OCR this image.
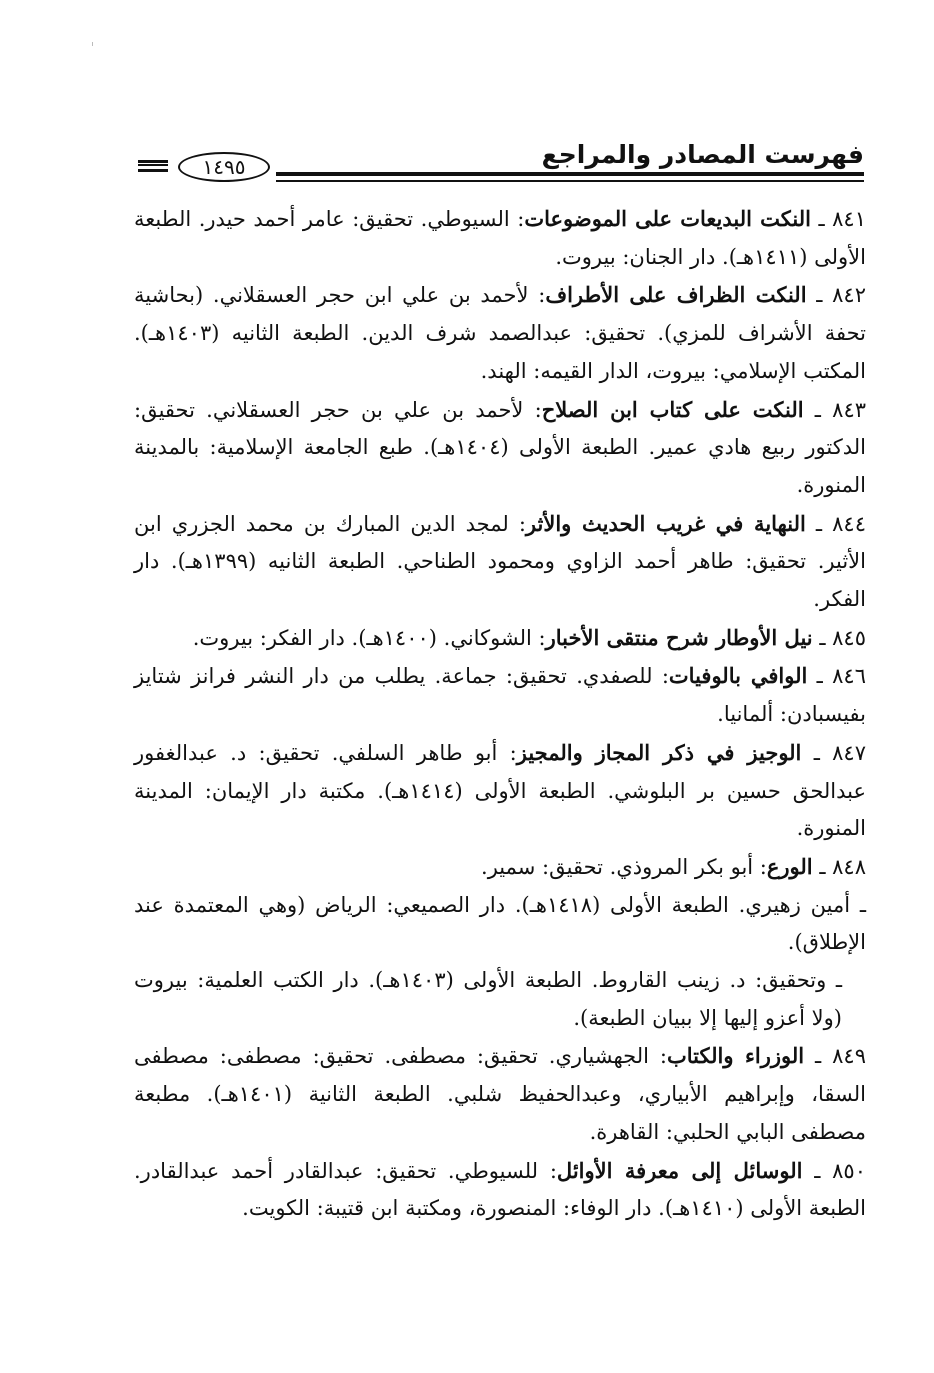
فهرست المصادر والمراجع
١٤٩٥

٨٤١ ـ النكت البديعات على الموضوعات: السيوطي. تحقيق: عامر أحمد حيدر. الطبعة الأولى (١٤١١هـ). دار الجنان: بيروت.

٨٤٢ ـ النكت الظراف على الأطراف: لأحمد بن علي ابن حجر العسقلاني. (بحاشية تحفة الأشراف للمزي). تحقيق: عبدالصمد شرف الدين. الطبعة الثانيه (١٤٠٣هـ). المكتب الإسلامي: بيروت، الدار القيمه: الهند.

٨٤٣ ـ النكت على كتاب ابن الصلاح: لأحمد بن علي بن حجر العسقلاني. تحقيق: الدكتور ربيع هادي عمير. الطبعة الأولى (١٤٠٤هـ). طبع الجامعة الإسلامية: بالمدينة المنورة.

٨٤٤ ـ النهاية في غريب الحديث والأثر: لمجد الدين المبارك بن محمد الجزري ابن الأثير. تحقيق: طاهر أحمد الزاوي ومحمود الطناحي. الطبعة الثانيه (١٣٩٩هـ). دار الفكر.

٨٤٥ ـ نيل الأوطار شرح منتقى الأخبار: الشوكاني. (١٤٠٠هـ). دار الفكر: بيروت.

٨٤٦ ـ الوافي بالوفيات: للصفدي. تحقيق: جماعة. يطلب من دار النشر فرانز شتايز بفيسبادن: ألمانيا.

٨٤٧ ـ الوجيز في ذكر المجاز والمجيز: أبو طاهر السلفي. تحقيق: د. عبدالغفور عبدالحق حسين بر البلوشي. الطبعة الأولى (١٤١٤هـ). مكتبة دار الإيمان: المدينة المنورة.

٨٤٨ ـ الورع: أبو بكر المروذي. تحقيق: سمير.

ـ أمين زهيري. الطبعة الأولى (١٤١٨هـ). دار الصميعي: الرياض (وهي المعتمدة عند الإطلاق).

ـ وتحقيق: د. زينب القاروط. الطبعة الأولى (١٤٠٣هـ). دار الكتب العلمية: بيروت (ولا أعزو إليها إلا ببيان الطبعة).

٨٤٩ ـ الوزراء والكتاب: الجهشياري. تحقيق: مصطفى. تحقيق: مصطفى: مصطفى السقا، وإبراهيم الأبياري، وعبدالحفيظ شلبي. الطبعة الثانية (١٤٠١هـ). مطبعة مصطفى البابي الحلبي: القاهرة.

٨٥٠ ـ الوسائل إلى معرفة الأوائل: للسيوطي. تحقيق: عبدالقادر أحمد عبدالقادر. الطبعة الأولى (١٤١٠هـ). دار الوفاء: المنصورة، ومكتبة ابن قتيبة: الكويت.
